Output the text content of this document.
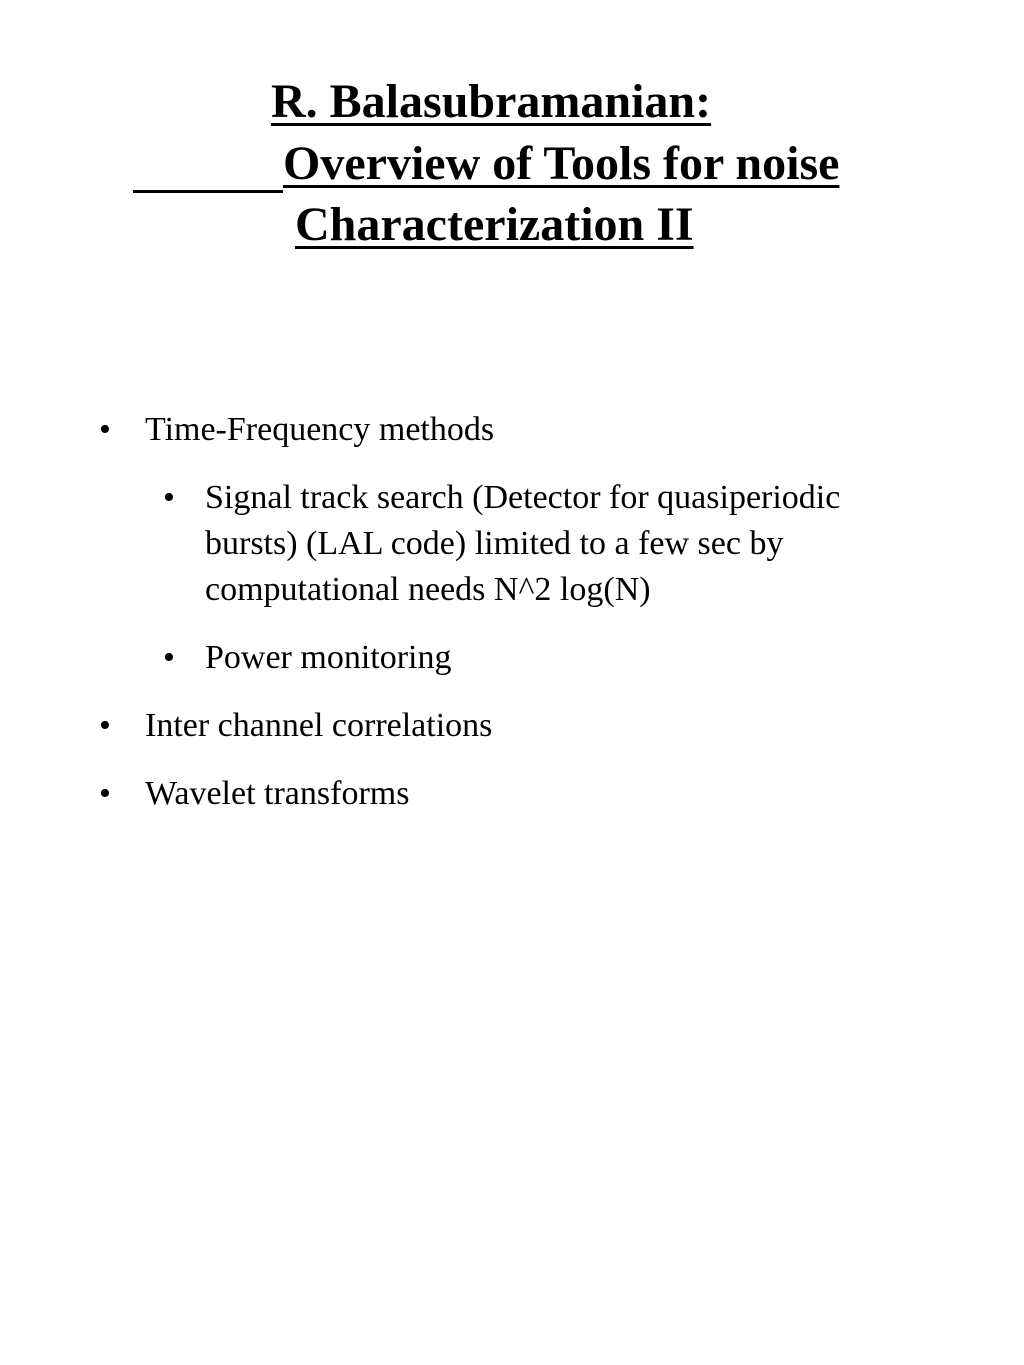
R. Balasubramanian:
Overview of Tools for noise
Characterization II
• Time-Frequency methods
• Signal track search (Detector for quasiperiodic
bursts) (LAL code) limited to a few sec by
computational needs N^2 log(N)
• Power monitoring
• Inter channel correlations
• Wavelet transforms
